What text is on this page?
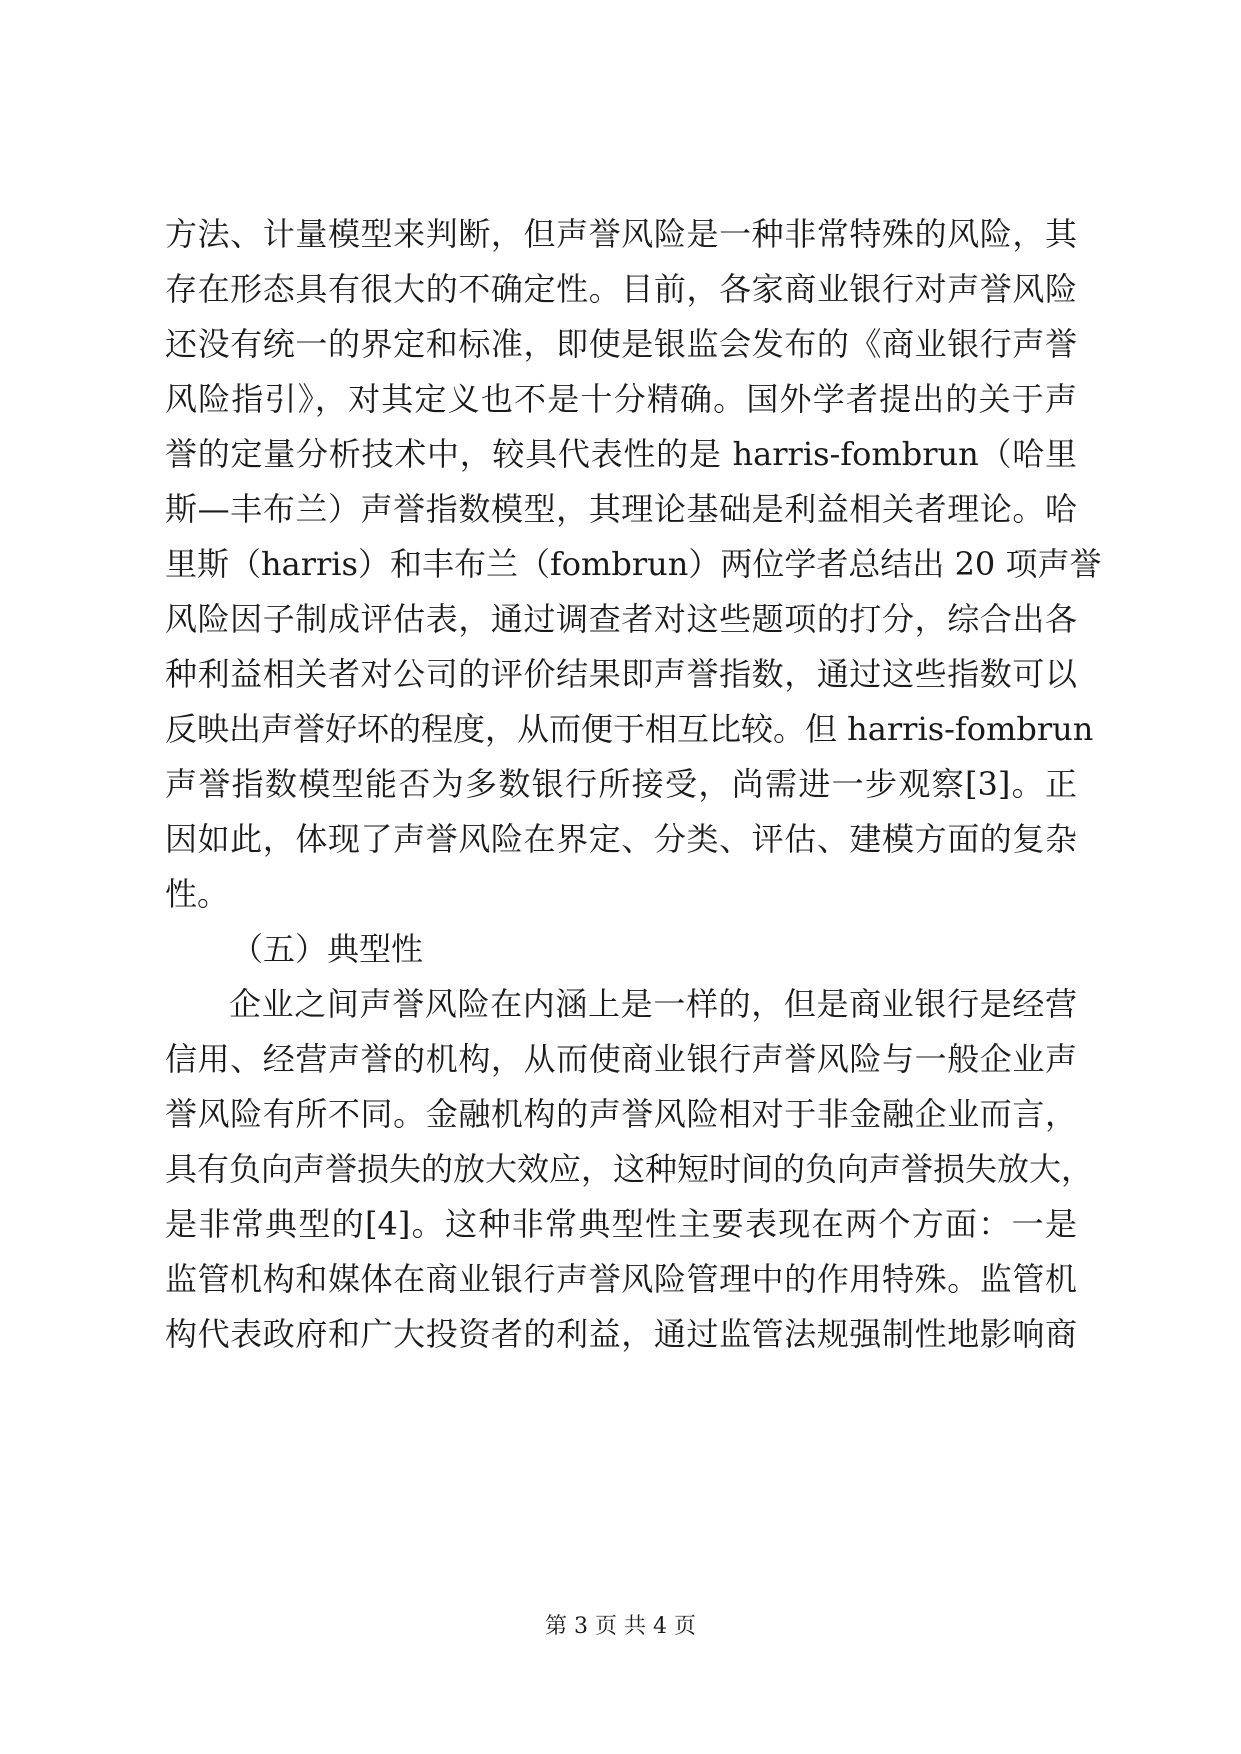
方法、计量模型来判断，但声誉风险是一种非常特殊的风险，其
存在形态具有很大的不确定性。目前，各家商业银行对声誉风险
还没有统一的界定和标准，即使是银监会发布的《商业银行声誉
风险指引》，对其定义也不是十分精确。国外学者提出的关于声
誉的定量分析技术中，较具代表性的是 harris-fombrun（哈里
斯—丰布兰）声誉指数模型，其理论基础是利益相关者理论。哈
里斯（harris）和丰布兰（fombrun）两位学者总结出 20 项声誉
风险因子制成评估表，通过调查者对这些题项的打分，综合出各
种利益相关者对公司的评价结果即声誉指数，通过这些指数可以
反映出声誉好坏的程度，从而便于相互比较。但 harris-fombrun
声誉指数模型能否为多数银行所接受，尚需进一步观察[3]。正
因如此，体现了声誉风险在界定、分类、评估、建模方面的复杂
性。
（五）典型性
企业之间声誉风险在内涵上是一样的，但是商业银行是经营
信用、经营声誉的机构，从而使商业银行声誉风险与一般企业声
誉风险有所不同。金融机构的声誉风险相对于非金融企业而言，
具有负向声誉损失的放大效应，这种短时间的负向声誉损失放大，
是非常典型的[4]。这种非常典型性主要表现在两个方面：一是
监管机构和媒体在商业银行声誉风险管理中的作用特殊。监管机
构代表政府和广大投资者的利益，通过监管法规强制性地影响商
第 3 页 共 4 页
